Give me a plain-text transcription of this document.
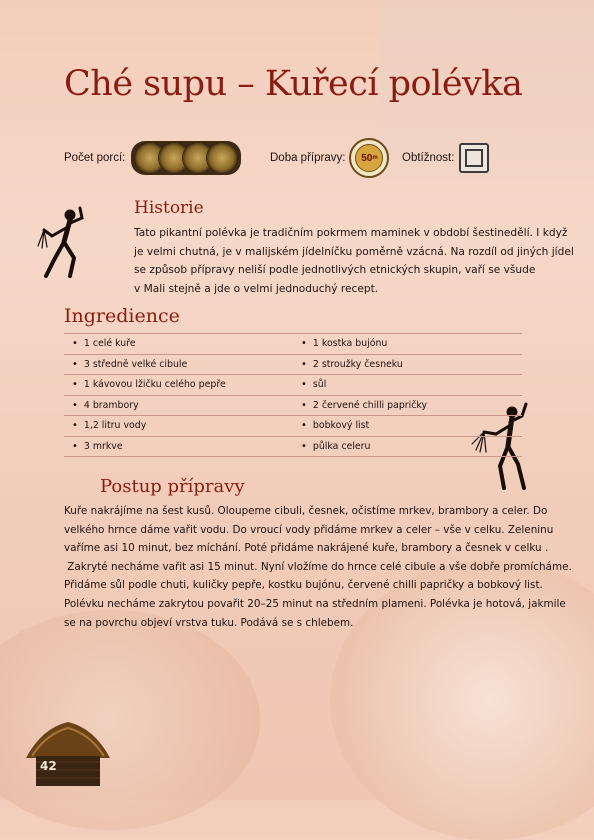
Ché supu – Kuřecí polévka
Počet porcí:	Doba přípravy: 50 m Obtížnost:
Historie
Tato pikantní polévka je tradičním pokrmem maminek v období šestinedělí. I když
je velmi chutná, je v malijském jídelníčku poměrně vzácná. Na rozdíl od jiných jídel
se způsob přípravy neliší podle jednotlivých etnických skupin, vaří se všude
v Mali stejně a jde o velmi jednoduchý recept.
Ingredience
• 1 celé kuře	• 1 kostka bujónu
• 3 středně velké cibule	• 2 stroužky česneku
• 1 kávovou lžičku celého pepře	• sůl
• 4 brambory	• 2 červené chilli papričky
• 1,2 litru vody	• bobkový list
• 3 mrkve	• půlka celeru
Postup přípravy
Kuře nakrájíme na šest kusů. Oloupeme cibuli, česnek, očistíme mrkev, brambory a celer. Do
velkého hrnce dáme vařit vodu. Do vroucí vody přidáme mrkev a celer – vše v celku. Zeleninu
vaříme asi 10 minut, bez míchání. Poté přidáme nakrájené kuře, brambory a česnek v celku .
Zakryté necháme vařit asi 15 minut. Nyní vložíme do hrnce celé cibule a vše dobře promícháme.
Přidáme sůl podle chuti, kuličky pepře, kostku bujónu, červené chilli papričky a bobkový list.
Polévku necháme zakrytou povařit 20–25 minut na středním plameni. Polévka je hotová, jakmile
se na povrchu objeví vrstva tuku. Podává se s chlebem.
42
